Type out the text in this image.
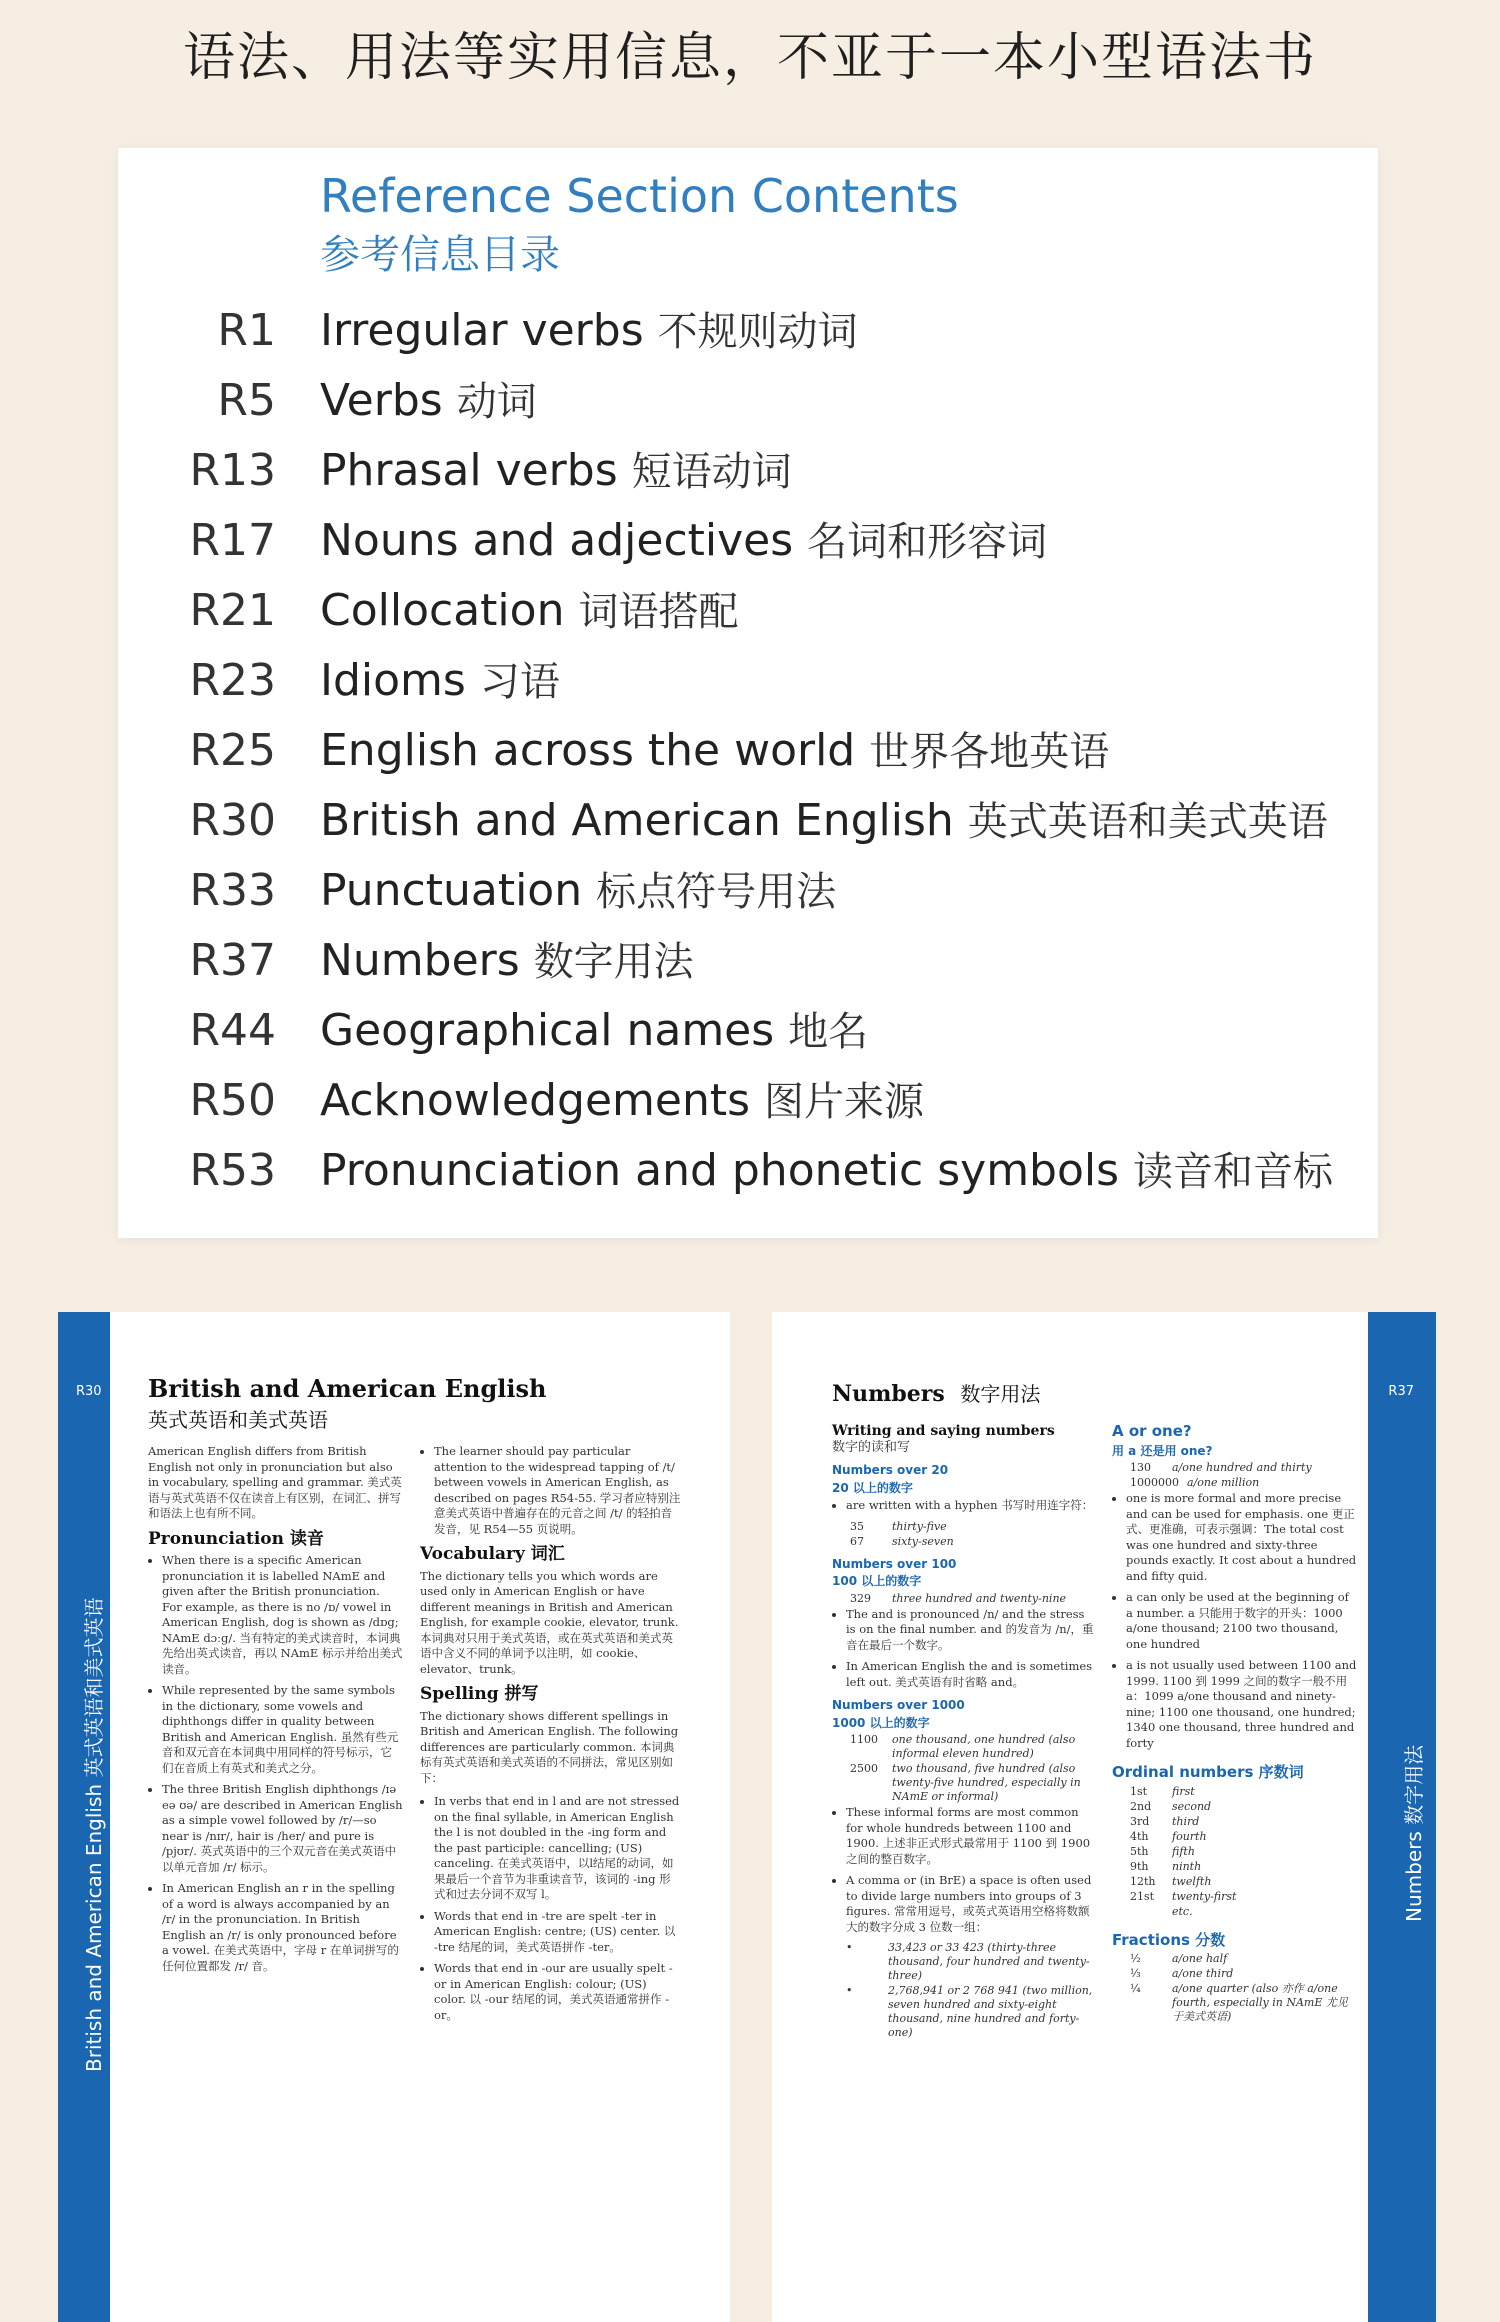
语法、用法等实用信息，不亚于一本小型语法书
Reference Section Contents
参考信息目录
R1 Irregular verbs 不规则动词
R5 Verbs 动词
R13 Phrasal verbs 短语动词
R17 Nouns and adjectives 名词和形容词
R21 Collocation 词语搭配
R23 Idioms 习语
R25 English across the world 世界各地英语
R30 British and American English 英式英语和美式英语
R33 Punctuation 标点符号用法
R37 Numbers 数字用法
R44 Geographical names 地名
R50 Acknowledgements 图片来源
R53 Pronunciation and phonetic symbols 读音和音标
R30
British and American English 英式英语和美式英语
British and American English
英式英语和美式英语

American English differs from British English not only in pronunciation but also in vocabulary, spelling and grammar. 美式英语与英式英语不仅在读音上有区别，在词汇、拼写和语法上也有所不同。

Pronunciation 读音
• When there is a specific American pronunciation it is labelled NAmE and given after the British pronunciation. For example, as there is no /ɒ/ vowel in American English, dog is shown as /dɒg; NAmE dɔːg/. 当有特定的美式读音时，本词典先给出英式读音，再以 NAmE 标示并给出美式读音。
• While represented by the same symbols in the dictionary, some vowels and diphthongs differ in quality between British and American English. 虽然有些元音和双元音在本词典中用同样的符号标示，它们在音质上有英式和美式之分。
• The three British English diphthongs /ɪə eə ʊə/ are described in American English as a simple vowel followed by /r/—so near is /nɪr/, hair is /her/ and pure is /pjʊr/. 英式英语中的三个双元音在美式英语中以单元音加 /r/ 标示。
• In American English an r in the spelling of a word is always accompanied by an /r/ in the pronunciation. In British English an /r/ is only pronounced before a vowel. 在美式英语中，字母 r 在单词拼写的任何位置都发 /r/ 音。
• The learner should pay particular attention to the widespread tapping of /t/ between vowels in American English, as described on pages R54-55. 学习者应特别注意美式英语中普遍存在的元音之间 /t/ 的轻拍音发音，见 R54—55 页说明。
Vocabulary 词汇

The dictionary tells you which words are used only in American English or have different meanings in British and American English, for example cookie, elevator, trunk. 本词典对只用于美式英语，或在英式英语和美式英语中含义不同的单词予以注明，如 cookie、elevator、trunk。

Spelling 拼写

The dictionary shows different spellings in British and American English. The following differences are particularly common. 本词典标有英式英语和美式英语的不同拼法，常见区别如下：

• In verbs that end in l and are not stressed on the final syllable, in American English the l is not doubled in the -ing form and the past participle: cancelling; (US) canceling. 在美式英语中，以l结尾的动词，如果最后一个音节为非重读音节，该词的 -ing 形式和过去分词不双写 l。
• Words that end in -tre are spelt -ter in American English: centre; (US) center. 以 -tre 结尾的词，美式英语拼作 -ter。
• Words that end in -our are usually spelt -or in American English: colour; (US) color. 以 -our 结尾的词，美式英语通常拼作 -or。
R37
Numbers 数字用法
Numbers 数字用法
Writing and saying numbers
数字的读和写
Numbers over 20
20 以上的数字
• are written with a hyphen 书写时用连字符：
35	thirty-five
67	sixty-seven
Numbers over 100
100 以上的数字
329	three hundred and twenty-nine
• The and is pronounced /n/ and the stress is on the final number. and 的发音为 /n/，重音在最后一个数字。
• In American English the and is sometimes left out. 美式英语有时省略 and。
Numbers over 1000
1000 以上的数字
1100	one thousand, one hundred (also informal eleven hundred)
2500	two thousand, five hundred (also twenty-five hundred, especially in NAmE or informal)
• These informal forms are most common for whole hundreds between 1100 and 1900. 上述非正式形式最常用于 1100 到 1900 之间的整百数字。
• A comma or (in BrE) a space is often used to divide large numbers into groups of 3 figures. 常常用逗号，或英式英语用空格将数额大的数字分成 3 位数一组：
•	33,423 or 33 423 (thirty-three thousand, four hundred and twenty-three)
•	2,768,941 or 2 768 941 (two million, seven hundred and sixty-eight thousand, nine hundred and forty-one)
A or one?
用 a 还是用 one?
130	a/one hundred and thirty
1000000 a/one million
• one is more formal and more precise and can be used for emphasis. one 更正式、更准确，可表示强调：The total cost was one hundred and sixty-three pounds exactly. It cost about a hundred and fifty quid.
• a can only be used at the beginning of a number. a 只能用于数字的开头：1000 a/one thousand; 2100 two thousand, one hundred
• a is not usually used between 1100 and 1999. 1100 到 1999 之间的数字一般不用 a：1099 a/one thousand and ninety-nine; 1100 one thousand, one hundred; 1340 one thousand, three hundred and forty
Ordinal numbers 序数词
1st	first
2nd	second
3rd	third
4th	fourth
5th	fifth
9th	ninth
12th	twelfth
21st	twenty-first
etc.
Fractions 分数
½	a/one half
⅓	a/one third
¼	a/one quarter (also 亦作 a/one fourth, especially in NAmE 尤见于美式英语)
